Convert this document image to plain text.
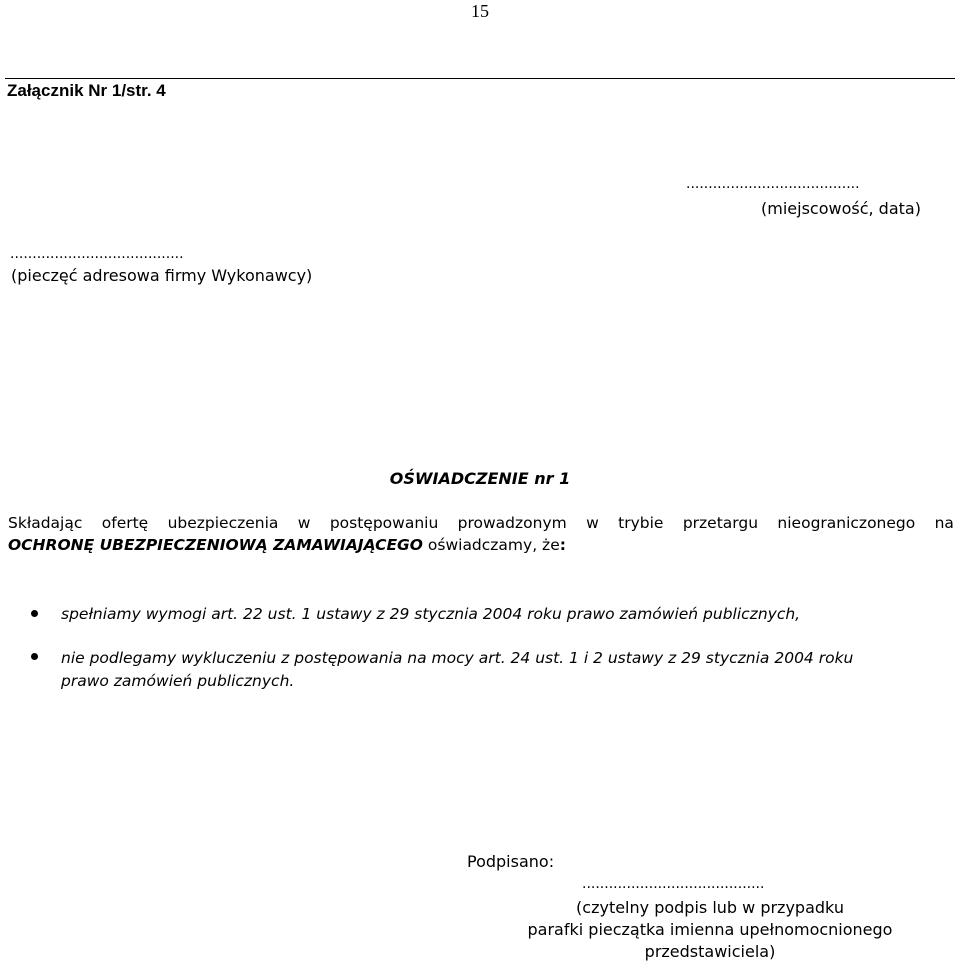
15
Załącznik Nr 1/str. 4
.......................................
(miejscowość, data)
.......................................
(pieczęć adresowa firmy Wykonawcy)
OŚWIADCZENIE nr 1
Składając ofertę ubezpieczenia w postępowaniu prowadzonym w trybie przetargu nieograniczonego na
OCHRONĘ UBEZPIECZENIOWĄ ZAMAWIAJĄCEGO oświadczamy, że:
spełniamy wymogi art. 22 ust. 1 ustawy z 29 stycznia 2004 roku prawo zamówień publicznych,
nie podlegamy wykluczeniu z postępowania na mocy art. 24 ust. 1 i 2 ustawy z 29 stycznia 2004 roku
prawo zamówień publicznych.
Podpisano:
.........................................
(czytelny podpis lub w przypadku
parafki pieczątka imienna upełnomocnionego
przedstawiciela)
